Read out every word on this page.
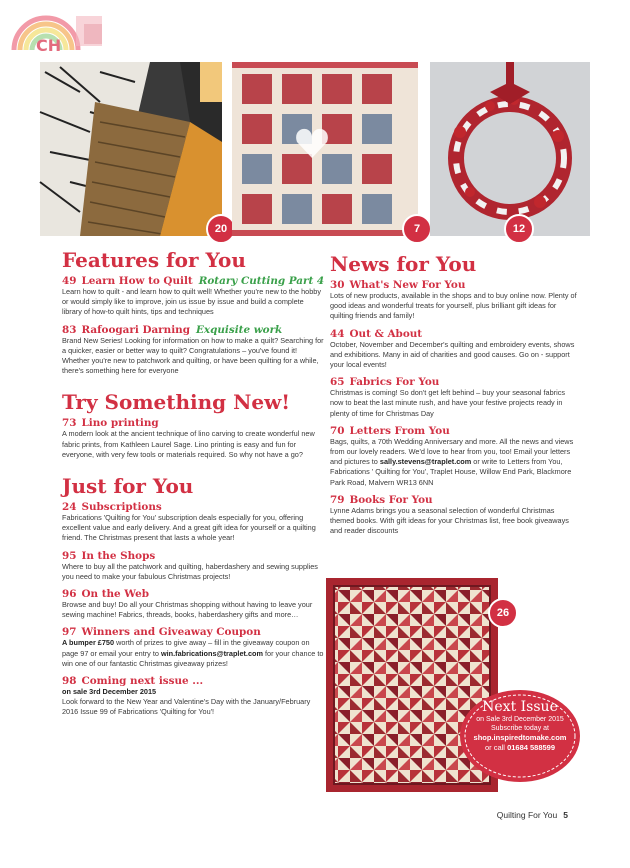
CH
20	7	12
Features for You

49 Learn How to Quilt Rotary Cutting Part 4

Learn how to quilt - and learn how to quilt well! Whether you're new to the hobby or would simply like to improve, join us issue by issue and build a complete library of how-to quilt hints, tips and techniques

83 Rafoogari Darning Exquisite work

Brand New Series! Looking for information on how to make a quilt? Searching for a quicker, easier or better way to quilt? Congratulations – you've found it! Whether you're new to patchwork and quilting, or have been quilting for a while, there's something here for everyone

Try Something New!

73 Lino printing

A modern look at the ancient technique of lino carving to create wonderful new fabric prints, from Kathleen Laurel Sage. Lino printing is easy and fun for everyone, with very few tools or materials required. So why not have a go?

Just for You

24 Subscriptions

Fabrications 'Quilting for You' subscription deals especially for you, offering excellent value and early delivery. And a great gift idea for yourself or a quilting friend. The Christmas present that lasts a whole year!

95 In the Shops

Where to buy all the patchwork and quilting, haberdashery and sewing supplies you need to make your fabulous Christmas projects!

96 On the Web

Browse and buy! Do all your Christmas shopping without having to leave your sewing machine! Fabrics, threads, books, haberdashery gifts and more…

97 Winners and Giveaway Coupon

A bumper £750 worth of prizes to give away – fill in the giveaway coupon on page 97 or email your entry to win.fabrications@traplet.com for your chance to win one of our fantastic Christmas giveaway prizes!

98 Coming next issue ...

on sale 3rd December 2015

Look forward to the New Year and Valentine's Day with the January/February 2016 Issue 99 of Fabrications 'Quilting for You'!

News for You

30 What's New For You

Lots of new products, available in the shops and to buy online now. Plenty of good ideas and wonderful treats for yourself, plus brilliant gift ideas for quilting friends and family!

44 Out & About

October, November and December's quilting and embroidery events, shows and exhibitions. Many in aid of charities and good causes. Go on - support your local events!

65 Fabrics For You

Christmas is coming! So don't get left behind – buy your seasonal fabrics now to beat the last minute rush, and have your festive projects ready in plenty of time for Christmas Day

70 Letters From You

Bags, quilts, a 70th Wedding Anniversary and more. All the news and views from our lovely readers. We'd love to hear from you, too! Email your letters and pictures to sally.stevens@traplet.com or write to Letters from You, Fabrications ' Quilting for You', Traplet House, Willow End Park, Blackmore Park Road, Malvern WR13 6NN

79 Books For You

Lynne Adams brings you a seasonal selection of wonderful Christmas themed books. With gift ideas for your Christmas list, free book giveaways and reader discounts

26
Next Issue
on Sale 3rd December 2015
Subscribe today at
shop.inspiredtomake.com
or call 01684 588599
Quilting For You 5
